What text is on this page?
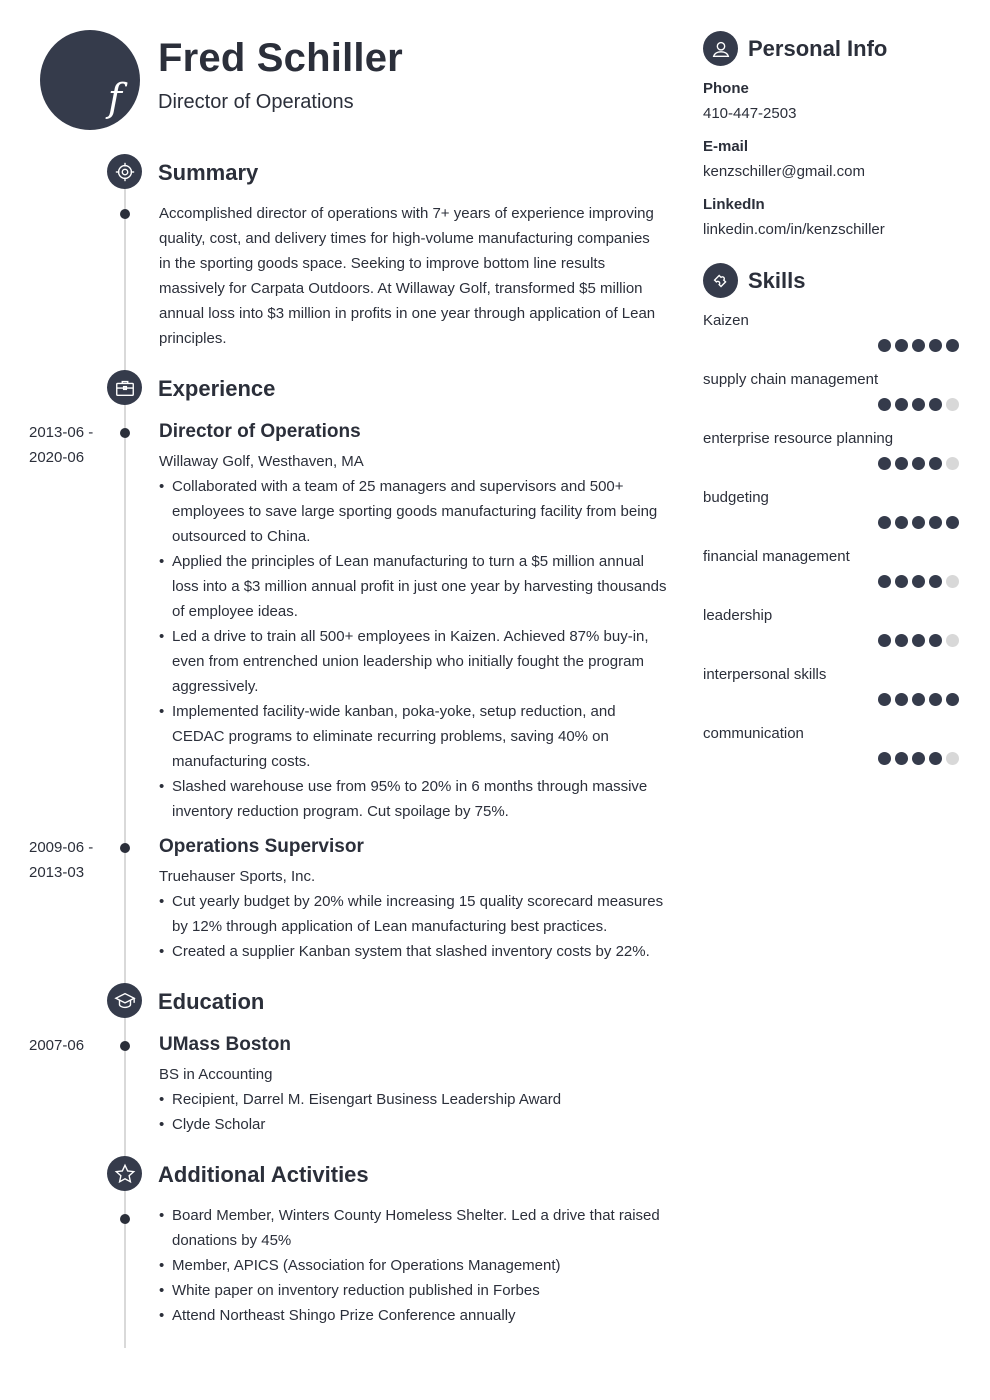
f
Fred Schiller
Director of Operations
Summary
Accomplished director of operations with 7+ years of experience improving quality, cost, and delivery times for high-volume manufacturing companies in the sporting goods space. Seeking to improve bottom line results massively for Carpata Outdoors. At Willaway Golf, transformed $5 million annual loss into $3 million in profits in one year through application of Lean principles.
Experience
2013-06 -
2020-06
Director of Operations
Willaway Golf, Westhaven, MA
• Collaborated with a team of 25 managers and supervisors and 500+ employees to save large sporting goods manufacturing facility from being outsourced to China.
• Applied the principles of Lean manufacturing to turn a $5 million annual loss into a $3 million annual profit in just one year by harvesting thousands of employee ideas.
• Led a drive to train all 500+ employees in Kaizen. Achieved 87% buy-in, even from entrenched union leadership who initially fought the program aggressively.
• Implemented facility-wide kanban, poka-yoke, setup reduction, and CEDAC programs to eliminate recurring problems, saving 40% on manufacturing costs.
• Slashed warehouse use from 95% to 20% in 6 months through massive inventory reduction program. Cut spoilage by 75%.
2009-06 -
2013-03
Operations Supervisor
Truehauser Sports, Inc.
• Cut yearly budget by 20% while increasing 15 quality scorecard measures by 12% through application of Lean manufacturing best practices.
• Created a supplier Kanban system that slashed inventory costs by 22%.
Education
2007-06	UMass Boston
BS in Accounting
• Recipient, Darrel M. Eisengart Business Leadership Award
• Clyde Scholar
Additional Activities
• Board Member, Winters County Homeless Shelter. Led a drive that raised donations by 45%
• Member, APICS (Association for Operations Management)
• White paper on inventory reduction published in Forbes
• Attend Northeast Shingo Prize Conference annually
Personal Info
Phone
410-447-2503
E-mail
kenzschiller@gmail.com
LinkedIn
linkedin.com/in/kenzschiller
Skills
Kaizen
supply chain management
enterprise resource planning
budgeting
financial management
leadership
interpersonal skills
communication
